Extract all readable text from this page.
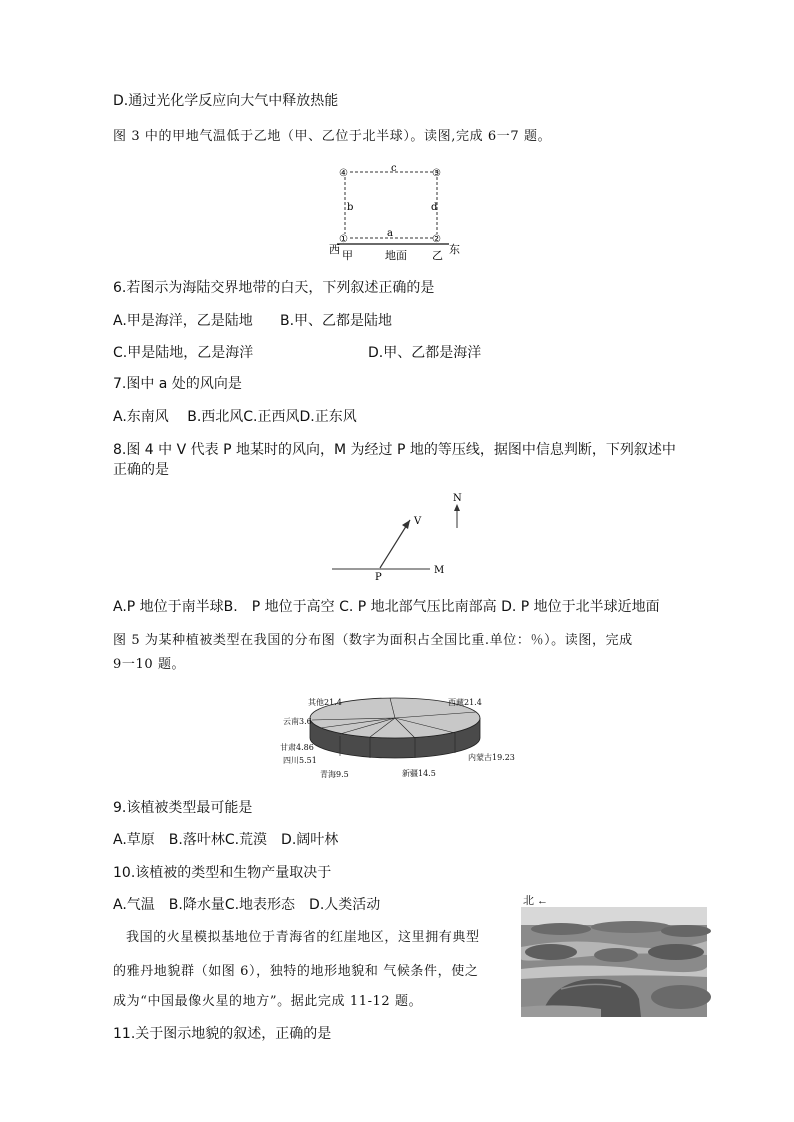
D.通过光化学反应向大气中释放热能
图 3 中的甲地气温低于乙地（甲、乙位于北半球）。读图,完成 6一7 题。
④	③
①	②
c
b	d
a
西	东
甲	地面 乙
6.若图示为海陆交界地带的白天，下列叙述正确的是
A.甲是海洋，乙是陆地 B.甲、乙都是陆地
C.甲是陆地，乙是海洋	D.甲、乙都是海洋
7.图中 a 处的风向是
A.东南风　 B.西北风C.正西风D.正东风
8.图 4 中 V 代表 P 地某时的风向，M 为经过 P 地的等压线，据图中信息判断，下列叙述中
正确的是
N
V
P
M
A.P 地位于南半球B.　P 地位于高空 C. P 地北部气压比南部高 D. P 地位于北半球近地面
图 5 为某种植被类型在我国的分布图（数字为面积占全国比重.单位：％）。读图，完成
9一10 题。
其他21.4	西藏21.4
云南3.6
甘肃4.86
四川5.51
青海9.5	新疆14.5
内蒙古19.23
9.该植被类型最可能是
A.草原　B.落叶林C.荒漠　D.阔叶林
10.该植被的类型和生物产量取决于
A.气温　B.降水量C.地表形态　D.人类活动
我国的火星模拟基地位于青海省的红崖地区，这里拥有典型
的雅丹地貌群（如图 6），独特的地形地貌和 气候条件，使之
成为“中国最像火星的地方”。据此完成 11-12 题。
北 ←
11.关于图示地貌的叙述，正确的是
